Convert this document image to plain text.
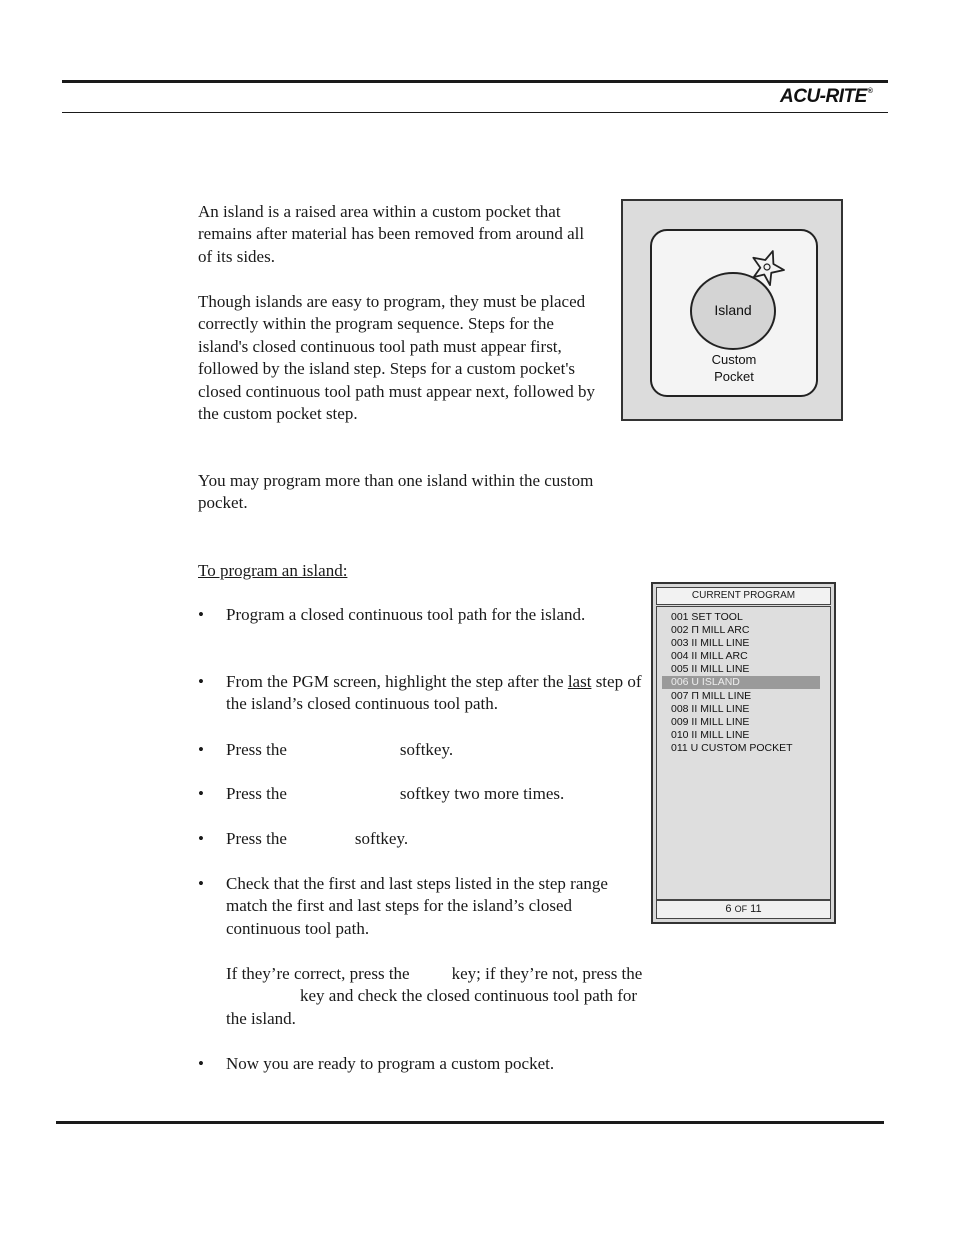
ACU-RITE®

An island is a raised area within a custom pocket that remains after material has been removed from around all of its sides.

Though islands are easy to program, they must be placed correctly within the program sequence. Steps for the island's closed continuous tool path must appear first, followed by the island step. Steps for a custom pocket's closed continuous tool path must appear next, followed by the custom pocket step.

You may program more than one island within the custom pocket.

Island
Custom
Pocket

To program an island:

• Program a closed continuous tool path for the island.
• From the PGM screen, highlight the step after the last step of the island’s closed continuous tool path.
• Press the	softkey.
• Press the	softkey two more times.
• Press the	softkey.
• Check that the first and last steps listed in the step range match the first and last steps for the island’s closed continuous tool path.
If they’re correct, press the key; if they’re not, press thekey and check the closed continuous tool path for the island.
• Now you are ready to program a custom pocket.
CURRENT PROGRAM
001 SET TOOL
002 Π MILL ARC
003 II MILL LINE
004 II MILL ARC
005 II MILL LINE
006 U ISLAND
007 Π MILL LINE
008 II MILL LINE
009 II MILL LINE
010 II MILL LINE
011 U CUSTOM POCKET
6 OF 11
